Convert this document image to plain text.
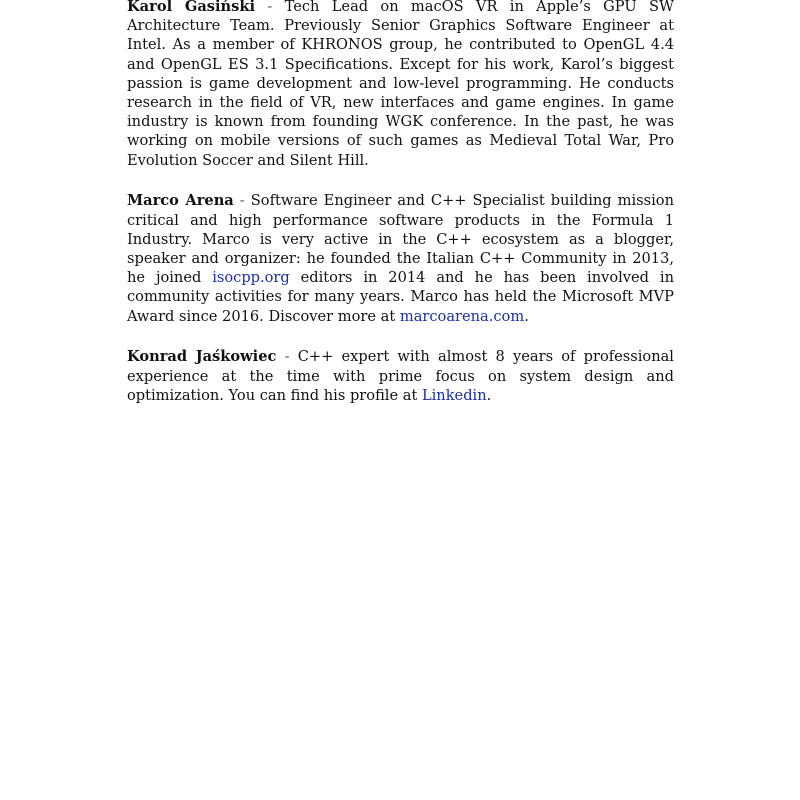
Karol Gasiński - Tech Lead on macOS VR in Apple’s GPU SW Architecture Team. Previously Senior Graphics Software Engineer at Intel. As a member of KHRONOS group, he contributed to OpenGL 4.4 and OpenGL ES 3.1 Specifications. Except for his work, Karol’s biggest passion is game development and low-level programming. He conducts research in the field of VR, new interfaces and game engines. In game industry is known from founding WGK conference. In the past, he was working on mobile versions of such games as Medieval Total War, Pro Evolution Soccer and Silent Hill.

Marco Arena - Software Engineer and C++ Specialist building mission critical and high performance software products in the Formula 1 Industry. Marco is very active in the C++ ecosystem as a blogger, speaker and organizer: he founded the Italian C++ Community in 2013, he joined isocpp.org editors in 2014 and he has been involved in community activities for many years. Marco has held the Microsoft MVP Award since 2016. Discover more at marcoarena.com.

Konrad Jaśkowiec - C++ expert with almost 8 years of professional experience at the time with prime focus on system design and optimization. You can find his profile at Linkedin.
